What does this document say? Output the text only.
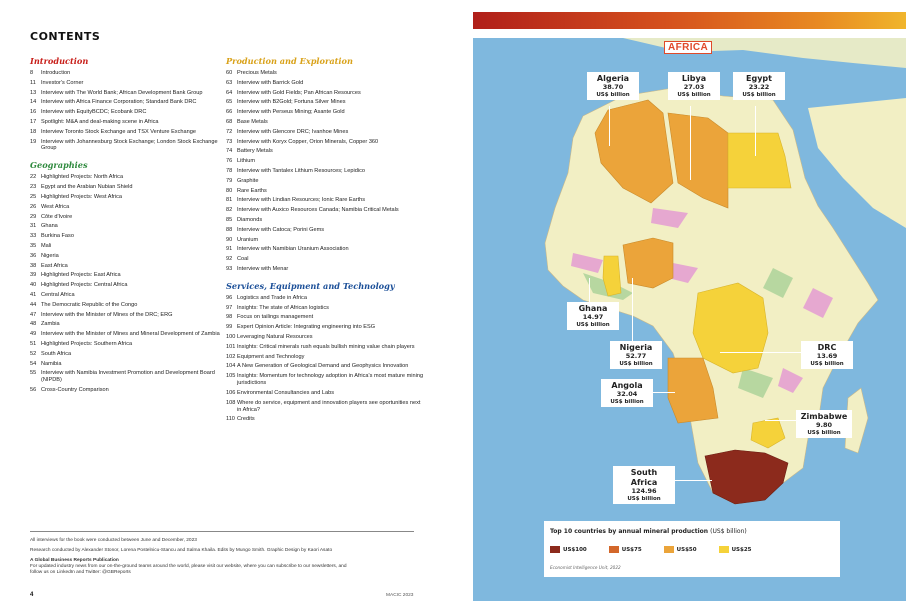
CONTENTS
Introduction
8	Introduction
11 Investor's Corner
13 Interview with The World Bank; African Development Bank Group
14 Interview with Africa Finance Corporation; Standard Bank DRC
16 Interview with EquityBCDC; Ecobank DRC
17 Spotlight: M&A and deal-making scene in Africa
18 Interview Toronto Stock Exchange and TSX Venture Exchange
19 Interview with Johannesburg Stock Exchange; London Stock Exchange Group
Geographies
22 Highlighted Projects: North Africa
23 Egypt and the Arabian Nubian Shield
25 Highlighted Projects: West Africa
26 West Africa
29 Côte d'Ivoire
31 Ghana
33 Burkina Faso
35 Mali
36 Nigeria
38 East Africa
39 Highlighted Projects: East Africa
40 Highlighted Projects: Central Africa
41 Central Africa
44 The Democratic Republic of the Congo
47 Interview with the Minister of Mines of the DRC; ERG
48 Zambia
49 Interview with the Minister of Mines and Mineral Development of Zambia
51 Highlighted Projects: Southern Africa
52 South Africa
54 Namibia
55 Interview with Namibia Investment Promotion and Development Board (NIPDB)
56 Cross-Country Comparison
Production and Exploration
60 Precious Metals
63 Interview with Barrick Gold
64 Interview with Gold Fields; Pan African Resources
65 Interview with B2Gold; Fortuna Silver Mines
66 Interview with Perseus Mining; Asante Gold
68 Base Metals
72 Interview with Glencore DRC; Ivanhoe Mines
73 Interview with Koryx Copper, Orion Minerals, Copper 360
74 Battery Metals
76 Lithium
78 Interview with Tantalex Lithium Resources; Lepidico
79 Graphite
80 Rare Earths
81 Interview with Lindian Resources; Ionic Rare Earths
82 Interview with Auxico Resources Canada; Namibia Critical Metals
85 Diamonds
88 Interview with Catoca; Porini Gems
90 Uranium
91 Interview with Namibian Uranium Association
92 Coal
93 Interview with Menar
Services, Equipment and Technology
96 Logistics and Trade in Africa
97 Insights: The state of African logistics
98 Focus on tailings management
99 Expert Opinion Article: Integrating engineering into ESG
100 Leveraging Natural Resources
101 Insights: Critical minerals rush equals bullish mining value chain players
102 Equipment and Technology
104 A New Generation of Geological Demand and Geophysics Innovation
105 Insights: Momentum for technology adoption in Africa's most mature mining jurisdictions
106 Environmental Consultancies and Labs
108 Where do service, equipment and innovation players see oportunities next in Africa?
110 Credits
All interviews for the book were conducted between June and December, 2023
Research conducted by Alexander Stonor, Lorena Postelnicu-Stancu and Salma Khaila. Edits by Mungo Smith. Graphic Design by Kaori Asato
A Global Business Reports Publication
For updated industry news from our on-the-ground teams around the world, please visit our website, where you can subscribe to our newsletters, and follow us on LinkedIn and Twitter: @GBReports
4	MACIC 2023
AFRICA
Algeria
38.70
US$ billion
Libya
27.03
US$ billion
Egypt
23.22
US$ billion
Ghana
14.97
US$ billion
Nigeria
52.77
US$ billion
DRC
13.69
US$ billion
Angola
32.04
US$ billion
Zimbabwe
9.80
US$ billion
South Africa
124.96
US$ billion
Top 10 countries by annual mineral production (US$ billion)
US$100	US$75	US$50	US$25
Economist Intelligence Unit, 2022
